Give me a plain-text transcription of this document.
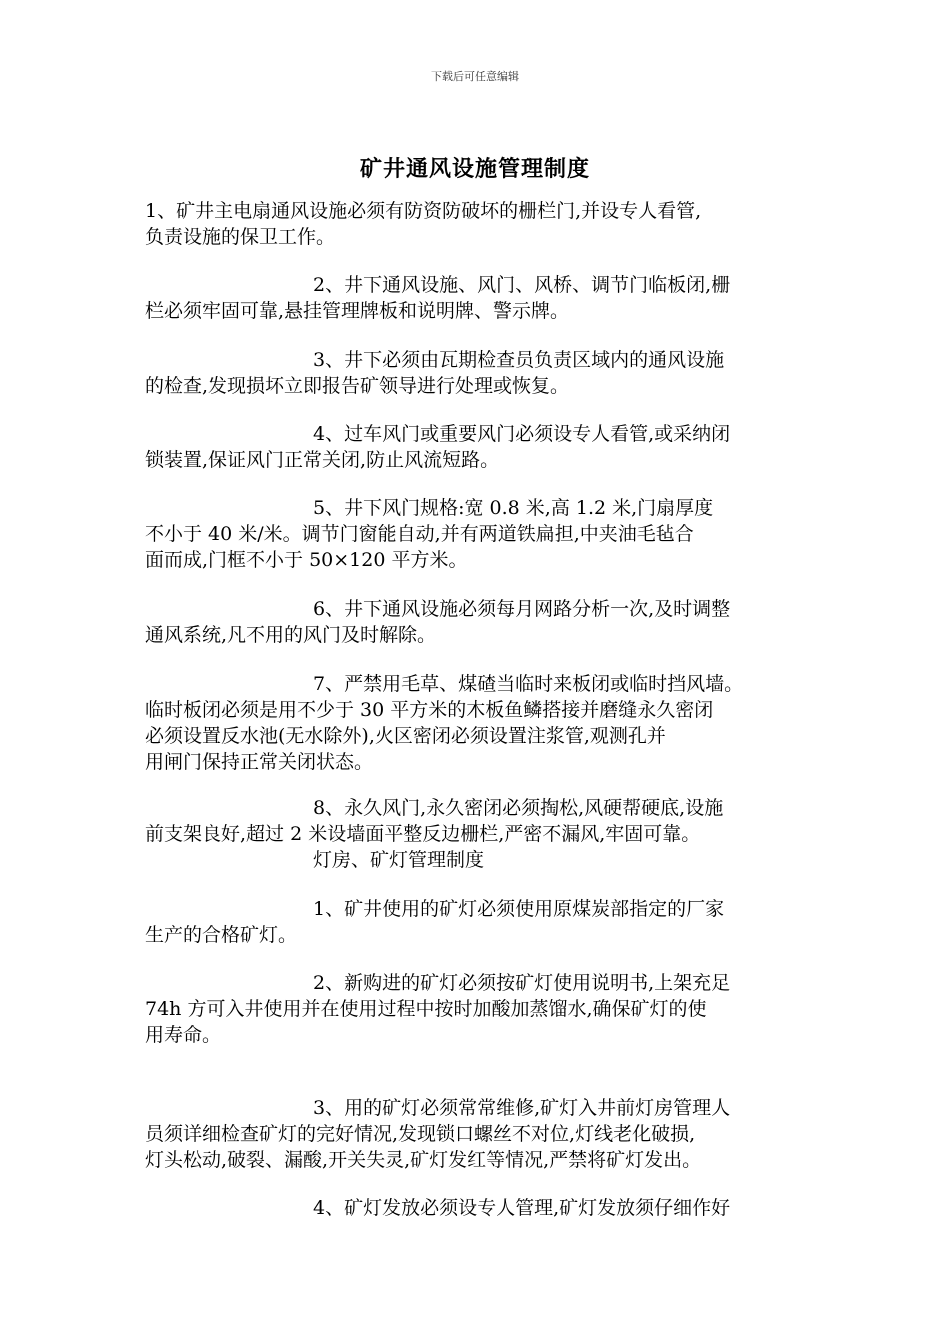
下载后可任意编辑
矿井通风设施管理制度
1、矿井主电扇通风设施必须有防资防破坏的栅栏门,并设专人看管,
负责设施的保卫工作。
2、井下通风设施、风门、风桥、调节门临板闭,栅
栏必须牢固可靠,悬挂管理牌板和说明牌、警示牌。
3、井下必须由瓦期检查员负责区域内的通风设施
的检查,发现损坏立即报告矿领导进行处理或恢复。
4、过车风门或重要风门必须设专人看管,或采纳闭
锁装置,保证风门正常关闭,防止风流短路。
5、井下风门规格:宽 0.8 米,高 1.2 米,门扇厚度
不小于 40 米/米。调节门窗能自动,并有两道铁扁担,中夹油毛毡合
面而成,门框不小于 50×120 平方米。
6、井下通风设施必须每月网路分析一次,及时调整
通风系统,凡不用的风门及时解除。
7、严禁用毛草、煤碴当临时来板闭或临时挡风墙。
临时板闭必须是用不少于 30 平方米的木板鱼鳞搭接并磨缝永久密闭
必须设置反水池(无水除外),火区密闭必须设置注浆管,观测孔并
用闸门保持正常关闭状态。
8、永久风门,永久密闭必须掏松,风硬帮硬底,设施
前支架良好,超过 2 米设墙面平整反边栅栏,严密不漏风,牢固可靠。
灯房、矿灯管理制度
1、矿井使用的矿灯必须使用原煤炭部指定的厂家
生产的合格矿灯。
2、新购进的矿灯必须按矿灯使用说明书,上架充足
74h 方可入井使用并在使用过程中按时加酸加蒸馏水,确保矿灯的使
用寿命。
3、用的矿灯必须常常维修,矿灯入井前灯房管理人
员须详细检查矿灯的完好情况,发现锁口螺丝不对位,灯线老化破损,
灯头松动,破裂、漏酸,开关失灵,矿灯发红等情况,严禁将矿灯发出。
4、矿灯发放必须设专人管理,矿灯发放须仔细作好
